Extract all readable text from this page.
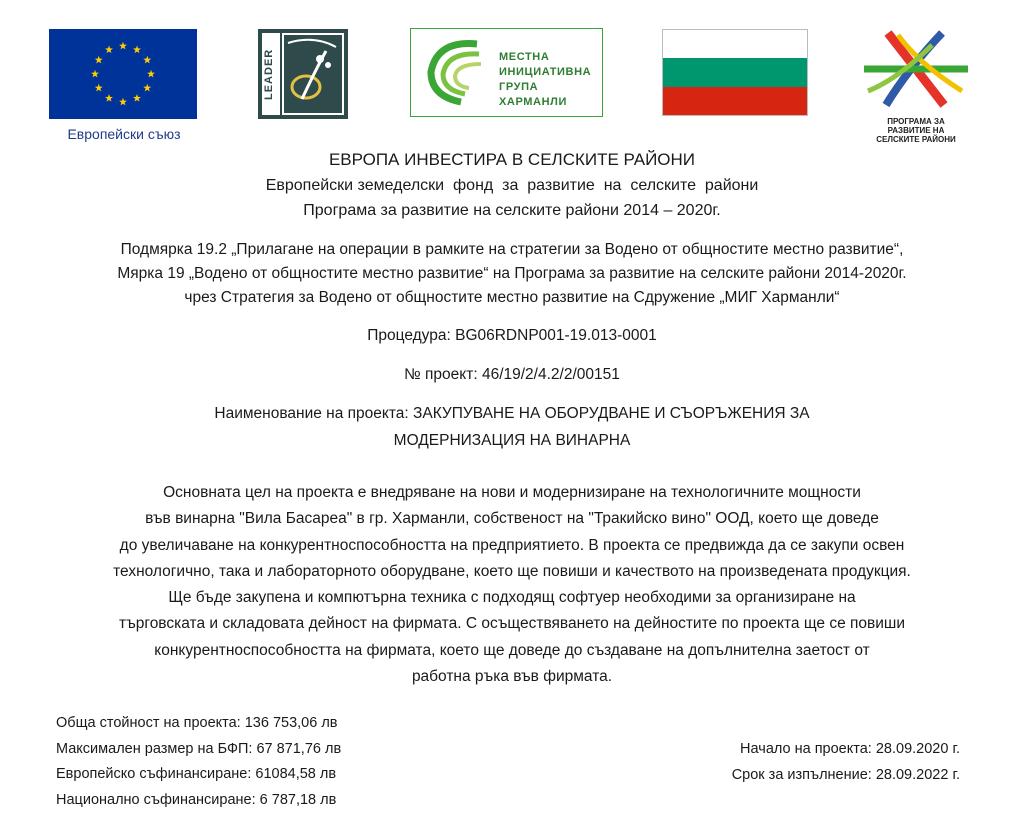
Европейски съюз
LEADER	МЕСТНА
ИНИЦИАТИВНА
ГРУПА
ХАРМАНЛИ
ПРОГРАМА ЗА
РАЗВИТИЕ НА
СЕЛСКИТЕ РАЙОНИ
ЕВРОПА ИНВЕСТИРА В СЕЛСКИТЕ РАЙОНИ
Европейски земеделски  фонд  за  развитие  на  селските  райони
Програма за развитие на селските райони 2014 – 2020г.
Подмярка 19.2 „Прилагане на операции в рамките на стратегии за Водено от общностите местно развитие“,
Мярка 19 „Водено от общностите местно развитие“ на Програма за развитие на селските райони 2014-2020г.
чрез Стратегия за Водено от общностите местно развитие на Сдружение „МИГ Харманли“
Процедура: BG06RDNP001-19.013-0001
№ проект: 46/19/2/4.2/2/00151
Наименование на проекта: ЗАКУПУВАНЕ НА ОБОРУДВАНЕ И СЪОРЪЖЕНИЯ ЗА
МОДЕРНИЗАЦИЯ НА ВИНАРНА
Основната цел на проекта е внедряване на нови и модернизиране на технологичните мощности
във винарна "Вила Басареа" в гр. Харманли, собственост на "Тракийско вино" ООД, което ще доведе
до увеличаване на конкурентноспособността на предприятието. В проекта се предвижда да се закупи освен
технологично, така и лабораторното оборудване, което ще повиши и качеството на произведената продукция.
Ще бъде закупена и компютърна техника с подходящ софтуер необходими за организиране на
търговската и складовата дейност на фирмата. С осъществяването на дейностите по проекта ще се повиши
конкурентноспособността на фирмата, което ще доведе до създаване на допълнителна заетост от
работна ръка във фирмата.
Обща стойност на проекта: 136 753,06 лв
Максимален размер на БФП: 67 871,76 лв
Европейско съфинансиране: 61084,58 лв
Национално съфинансиране: 6 787,18 лв
Начало на проекта: 28.09.2020 г.
Срок за изпълнение: 28.09.2022 г.
